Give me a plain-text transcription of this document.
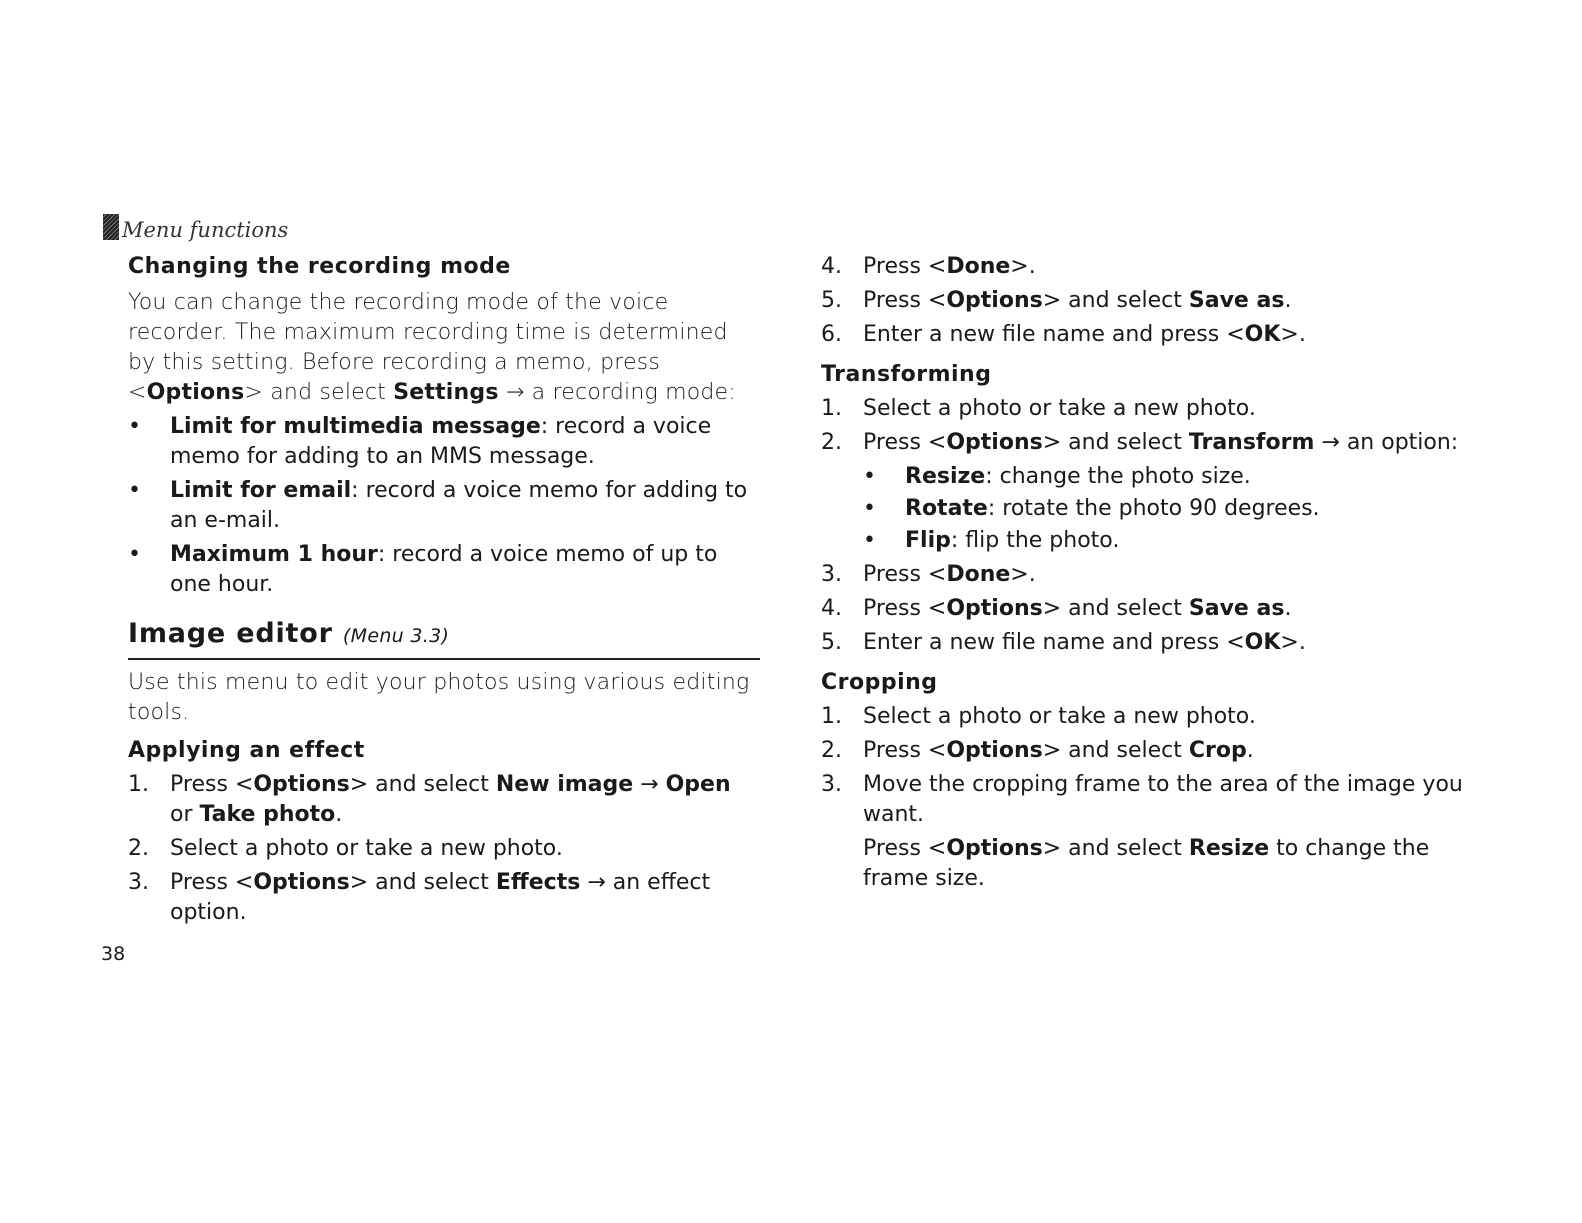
Menu functions
Changing the recording mode

You can change the recording mode of the voice recorder. The maximum recording time is determined by this setting. Before recording a memo, press <Options> and select Settings → a recording mode:

• Limit for multimedia message: record a voice memo for adding to an MMS message.
• Limit for email: record a voice memo for adding to an e-mail.
• Maximum 1 hour: record a voice memo of up to one hour.
Image editor (Menu 3.3)

Use this menu to edit your photos using various editing tools.

Applying an effect
1. Press <Options> and select New image → Open or Take photo.
2. Select a photo or take a new photo.
3. Press <Options> and select Effects → an effect option.
38
4. Press <Done>.
5. Press <Options> and select Save as.
6. Enter a new file name and press <OK>.
Transforming
1. Select a photo or take a new photo.
2. Press <Options> and select Transform → an option:
• Resize: change the photo size.
• Rotate: rotate the photo 90 degrees.
• Flip: flip the photo.
3. Press <Done>.
4. Press <Options> and select Save as.
5. Enter a new file name and press <OK>.
Cropping
1. Select a photo or take a new photo.
2. Press <Options> and select Crop.
3. Move the cropping frame to the area of the image you want.
Press <Options> and select Resize to change the frame size.
